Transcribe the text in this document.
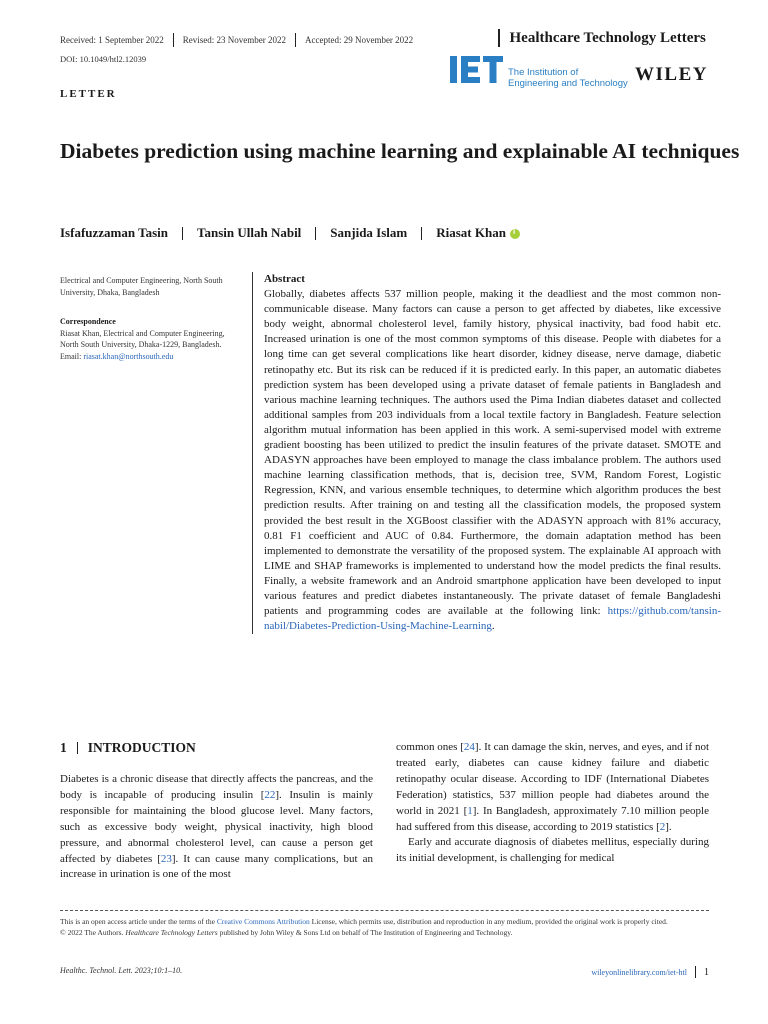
Received: 1 September 2022 Revised: 23 November 2022 Accepted: 29 November 2022	Healthcare Technology Letters
DOI: 10.1049/htl2.12039
The Institution of
Engineering and Technology WILEY
LETTER
Diabetes prediction using machine learning and explainable AI techniques
Isfafuzzaman Tasin Tansin Ullah Nabil Sanjida Islam Riasat Khan
i
Electrical and Computer Engineering, North South University, Dhaka, Bangladesh
Correspondence
Riasat Khan, Electrical and Computer Engineering, North South University, Dhaka-1229, Bangladesh.
Email: riasat.khan@northsouth.edu
Abstract
Globally, diabetes affects 537 million people, making it the deadliest and the most common non-communicable disease. Many factors can cause a person to get affected by diabetes, like excessive body weight, abnormal cholesterol level, family history, physical inactivity, bad food habit etc. Increased urination is one of the most common symptoms of this disease. People with diabetes for a long time can get several complications like heart disorder, kidney disease, nerve damage, diabetic retinopathy etc. But its risk can be reduced if it is predicted early. In this paper, an automatic diabetes prediction system has been developed using a private dataset of female patients in Bangladesh and various machine learning techniques. The authors used the Pima Indian diabetes dataset and collected additional samples from 203 individuals from a local textile factory in Bangladesh. Feature selection algorithm mutual information has been applied in this work. A semi-supervised model with extreme gradient boosting has been utilized to predict the insulin features of the private dataset. SMOTE and ADASYN approaches have been employed to manage the class imbalance problem. The authors used machine learning classification methods, that is, decision tree, SVM, Random Forest, Logistic Regression, KNN, and various ensemble techniques, to determine which algorithm produces the best prediction results. After training on and testing all the classification models, the proposed system provided the best result in the XGBoost classifier with the ADASYN approach with 81% accuracy, 0.81 F1 coefficient and AUC of 0.84. Furthermore, the domain adaptation method has been implemented to demonstrate the versatility of the proposed system. The explainable AI approach with LIME and SHAP frameworks is implemented to understand how the model predicts the final results. Finally, a website framework and an Android smartphone application have been developed to input various features and predict diabetes instantaneously. The private dataset of female Bangladeshi patients and programming codes are available at the following link: https://github.com/tansin-nabil/Diabetes-Prediction-Using-Machine-Learning.
1 INTRODUCTION
Diabetes is a chronic disease that directly affects the pancreas, and the body is incapable of producing insulin [22]. Insulin is mainly responsible for maintaining the blood glucose level. Many factors, such as excessive body weight, physical inactivity, high blood pressure, and abnormal cholesterol level, can cause a person get affected by diabetes [23]. It can cause many complications, but an increase in urination is one of the most

common ones [24]. It can damage the skin, nerves, and eyes, and if not treated early, diabetes can cause kidney failure and diabetic retinopathy ocular disease. According to IDF (International Diabetes Federation) statistics, 537 million people had diabetes around the world in 2021 [1]. In Bangladesh, approximately 7.10 million people had suffered from this disease, according to 2019 statistics [2].

Early and accurate diagnosis of diabetes mellitus, especially during its initial development, is challenging for medical

This is an open access article under the terms of the Creative Commons Attribution License, which permits use, distribution and reproduction in any medium, provided the original work is properly cited.
© 2022 The Authors. Healthcare Technology Letters published by John Wiley & Sons Ltd on behalf of The Institution of Engineering and Technology.
Healthc. Technol. Lett. 2023;10:1–10.	wileyonlinelibrary.com/iet-htl 1
